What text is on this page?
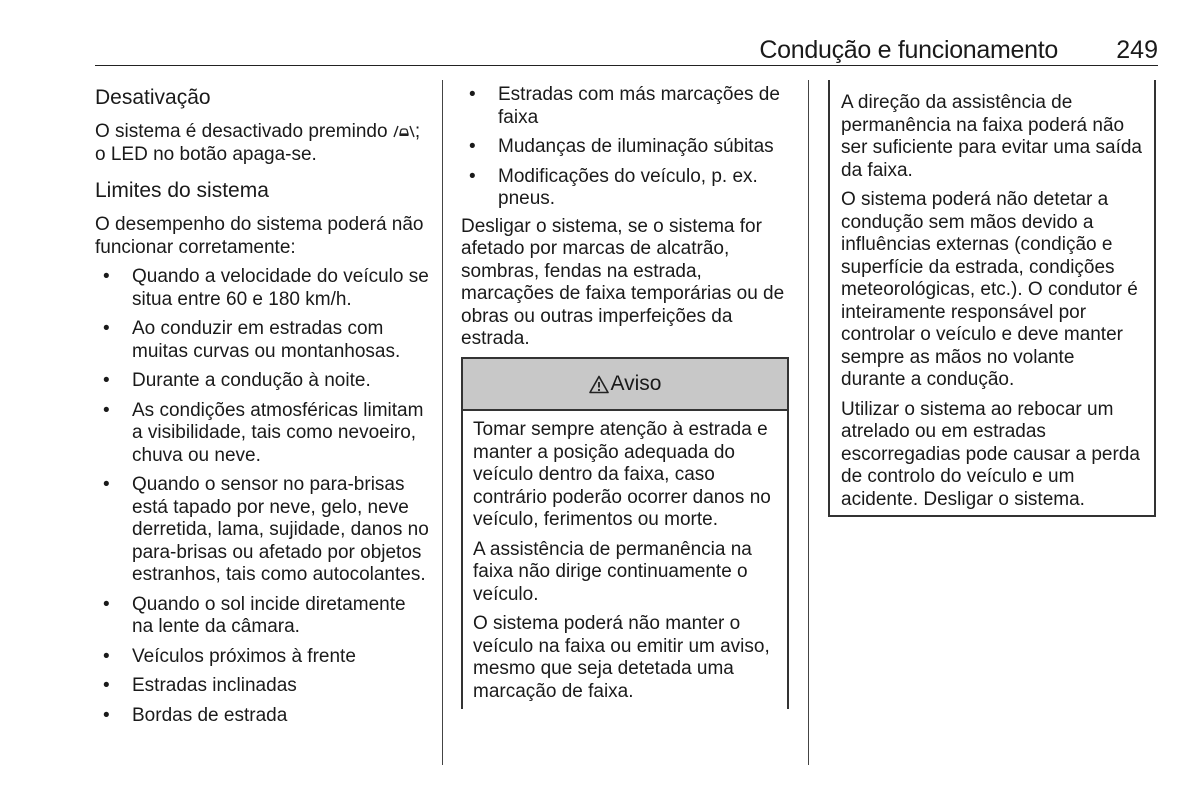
Condução e funcionamento 249
Desativação

O sistema é desactivado premindo ; o LED no botão apaga-se.

Limites do sistema

O desempenho do sistema poderá não funcionar corretamente:

• Quando a velocidade do veículo se situa entre 60 e 180 km/h.
• Ao conduzir em estradas com muitas curvas ou montanhosas.
• Durante a condução à noite.
• As condições atmosféricas limitam a visibilidade, tais como nevoeiro, chuva ou neve.
• Quando o sensor no para-brisas está tapado por neve, gelo, neve derretida, lama, sujidade, danos no para-brisas ou afetado por objetos estranhos, tais como autocolantes.
• Quando o sol incide diretamente na lente da câmara.
• Veículos próximos à frente
• Estradas inclinadas
• Bordas de estrada
• Estradas com más marcações de faixa
• Mudanças de iluminação súbitas
• Modificações do veículo, p. ex. pneus.

Desligar o sistema, se o sistema for afetado por marcas de alcatrão, sombras, fendas na estrada, marcações de faixa temporárias ou de obras ou outras imperfeições da estrada.

Aviso

Tomar sempre atenção à estrada e manter a posição adequada do veículo dentro da faixa, caso contrário poderão ocorrer danos no veículo, ferimentos ou morte.

A assistência de permanência na faixa não dirige continuamente o veículo.

O sistema poderá não manter o veículo na faixa ou emitir um aviso, mesmo que seja detetada uma marcação de faixa.

A direção da assistência de permanência na faixa poderá não ser suficiente para evitar uma saída da faixa.

O sistema poderá não detetar a condução sem mãos devido a influências externas (condição e superfície da estrada, condições meteorológicas, etc.). O condutor é inteiramente responsável por controlar o veículo e deve manter sempre as mãos no volante durante a condução.

Utilizar o sistema ao rebocar um atrelado ou em estradas escorregadias pode causar a perda de controlo do veículo e um acidente. Desligar o sistema.
